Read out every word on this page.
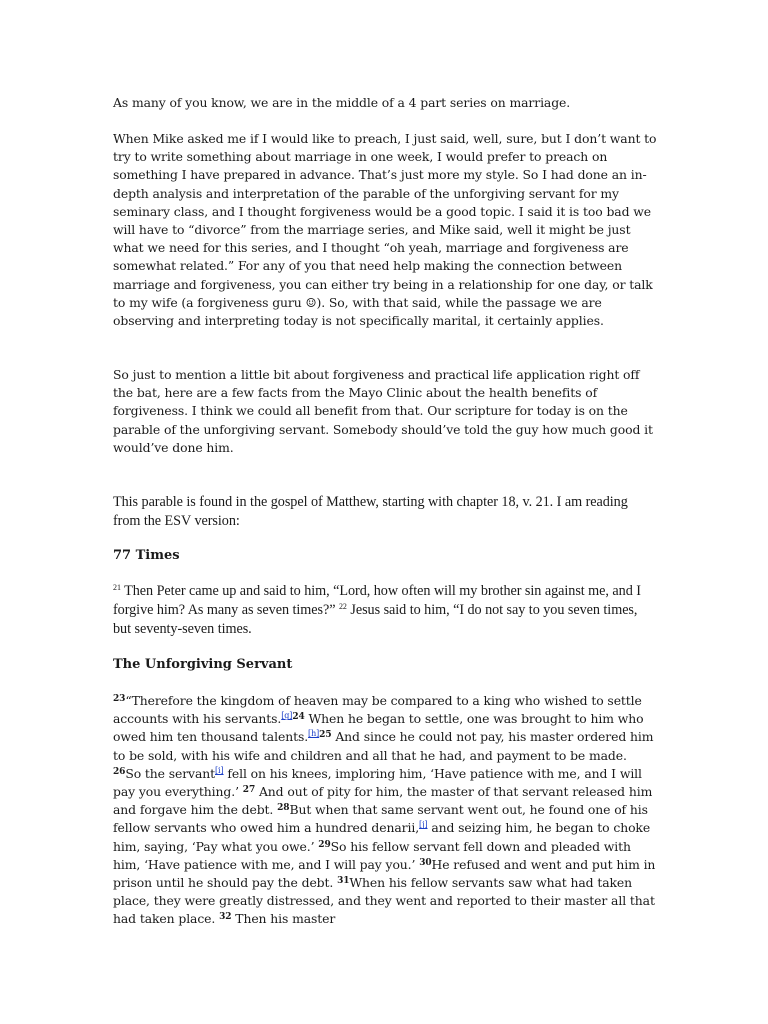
As many of you know, we are in the middle of a 4 part series on marriage.

When Mike asked me if I would like to preach, I just said, well, sure, but I don’t want to try to write something about marriage in one week, I would prefer to preach on something I have prepared in advance. That’s just more my style. So I had done an in-depth analysis and interpretation of the parable of the unforgiving servant for my seminary class, and I thought forgiveness would be a good topic. I said it is too bad we will have to “divorce” from the marriage series, and Mike said, well it might be just what we need for this series, and I thought “oh yeah, marriage and forgiveness are somewhat related.” For any of you that need help making the connection between marriage and forgiveness, you can either try being in a relationship for one day, or talk to my wife (a forgiveness guru ☺). So, with that said, while the passage we are observing and interpreting today is not specifically marital, it certainly applies.

So just to mention a little bit about forgiveness and practical life application right off the bat, here are a few facts from the Mayo Clinic about the health benefits of forgiveness. I think we could all benefit from that. Our scripture for today is on the parable of the unforgiving servant. Somebody should’ve told the guy how much good it would’ve done him.

This parable is found in the gospel of Matthew, starting with chapter 18, v. 21. I am reading from the ESV version:

77 Times

$^{21}$ Then Peter came up and said to him, “Lord, how often will my brother sin against me, and I forgive him? As many as seven times?” $^{22}$ Jesus said to him, “I do not say to you seven times, but seventy-seven times.

The Unforgiving Servant

$^{23}$“Therefore the kingdom of heaven may be compared to a king who wished to settle accounts with his servants.$^{[g]24}$ When he began to settle, one was brought to him who owed him ten thousand talents.$^{[h]25}$ And since he could not pay, his master ordered him to be sold, with his wife and children and all that he had, and payment to be made. $^{26}$So the servant[i] fell on his knees, imploring him, ‘Have patience with me, and I will pay you everything.’ $^{27}$ And out of pity for him, the master of that servant released him and forgave him the debt. $^{28}$But when that same servant went out, he found one of his fellow servants who owed him a hundred denarii,[j] and seizing him, he began to choke him, saying, ‘Pay what you owe.’ $^{29}$So his fellow servant fell down and pleaded with him, ‘Have patience with me, and I will pay you.’ $^{30}$He refused and went and put him in prison until he should pay the debt. $^{31}$When his fellow servants saw what had taken place, they were greatly distressed, and they went and reported to their master all that had taken place. $^{32}$ Then his master
